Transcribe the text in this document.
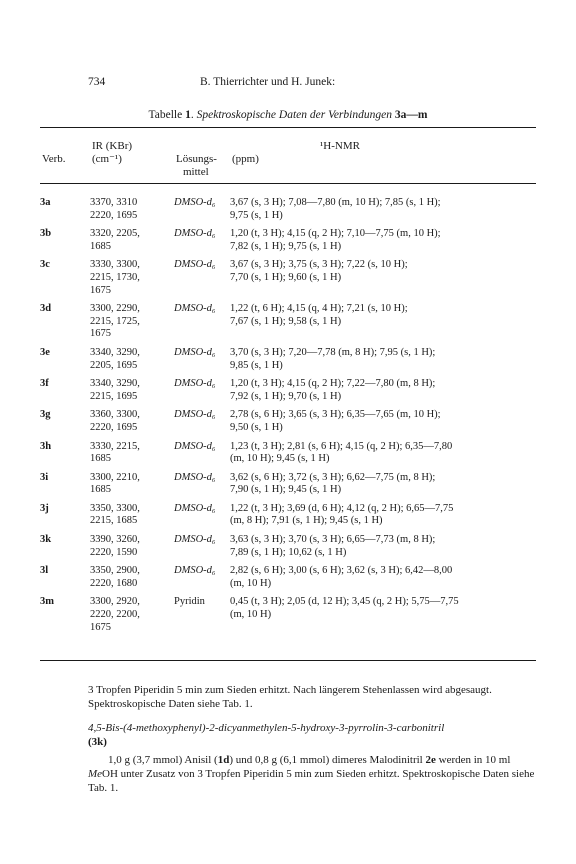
734	B. Thierrichter und H. Junek:
Tabelle 1. Spektroskopische Daten der Verbindungen 3a—m
Verb.
IR (KBr)
(cm⁻¹)	Lösungs-
mittel
¹H-NMR
(ppm)
3a	3370, 3310
2220, 1695	DMSO-d₆	3,67 (s, 3 H); 7,08—7,80 (m, 10 H); 7,85 (s, 1 H);
9,75 (s, 1 H)
3b	3320, 2205,
1685	DMSO-d₆	1,20 (t, 3 H); 4,15 (q, 2 H); 7,10—7,75 (m, 10 H);
7,82 (s, 1 H); 9,75 (s, 1 H)
3c	3330, 3300,
2215, 1730,
1675	DMSO-d₆	3,67 (s, 3 H); 3,75 (s, 3 H); 7,22 (s, 10 H);
7,70 (s, 1 H); 9,60 (s, 1 H)
3d	3300, 2290,
2215, 1725,
1675	DMSO-d₆	1,22 (t, 6 H); 4,15 (q, 4 H); 7,21 (s, 10 H);
7,67 (s, 1 H); 9,58 (s, 1 H)
3e	3340, 3290,
2205, 1695	DMSO-d₆	3,70 (s, 3 H); 7,20—7,78 (m, 8 H); 7,95 (s, 1 H);
9,85 (s, 1 H)
3f	3340, 3290,
2215, 1695	DMSO-d₆	1,20 (t, 3 H); 4,15 (q, 2 H); 7,22—7,80 (m, 8 H);
7,92 (s, 1 H); 9,70 (s, 1 H)
3g	3360, 3300,
2220, 1695	DMSO-d₆	2,78 (s, 6 H); 3,65 (s, 3 H); 6,35—7,65 (m, 10 H);
9,50 (s, 1 H)
3h	3330, 2215,
1685	DMSO-d₆	1,23 (t, 3 H); 2,81 (s, 6 H); 4,15 (q, 2 H); 6,35—7,80
(m, 10 H); 9,45 (s, 1 H)
3i	3300, 2210,
1685	DMSO-d₆	3,62 (s, 6 H); 3,72 (s, 3 H); 6,62—7,75 (m, 8 H);
7,90 (s, 1 H); 9,45 (s, 1 H)
3j	3350, 3300,
2215, 1685	DMSO-d₆	1,22 (t, 3 H); 3,69 (d, 6 H); 4,12 (q, 2 H); 6,65—7,75
(m, 8 H); 7,91 (s, 1 H); 9,45 (s, 1 H)
3k	3390, 3260,
2220, 1590	DMSO-d₆	3,63 (s, 3 H); 3,70 (s, 3 H); 6,65—7,73 (m, 8 H);
7,89 (s, 1 H); 10,62 (s, 1 H)
3l	3350, 2900,
2220, 1680	DMSO-d₆	2,82 (s, 6 H); 3,00 (s, 6 H); 3,62 (s, 3 H); 6,42—8,00
(m, 10 H)
3m	3300, 2920,
2220, 2200,
1675	Pyridin	0,45 (t, 3 H); 2,05 (d, 12 H); 3,45 (q, 2 H); 5,75—7,75
(m, 10 H)
3 Tropfen Piperidin 5 min zum Sieden erhitzt. Nach längerem Stehenlassen wird abgesaugt. Spektroskopische Daten siehe Tab. 1.
4,5-Bis-(4-methoxyphenyl)-2-dicyanmethylen-5-hydroxy-3-pyrrolin-3-carbonitril
(3k)
1,0 g (3,7 mmol) Anisil (1d) und 0,8 g (6,1 mmol) dimeres Malodinitril 2e werden in 10 ml MeOH unter Zusatz von 3 Tropfen Piperidin 5 min zum Sieden erhitzt. Spektroskopische Daten siehe Tab. 1.
